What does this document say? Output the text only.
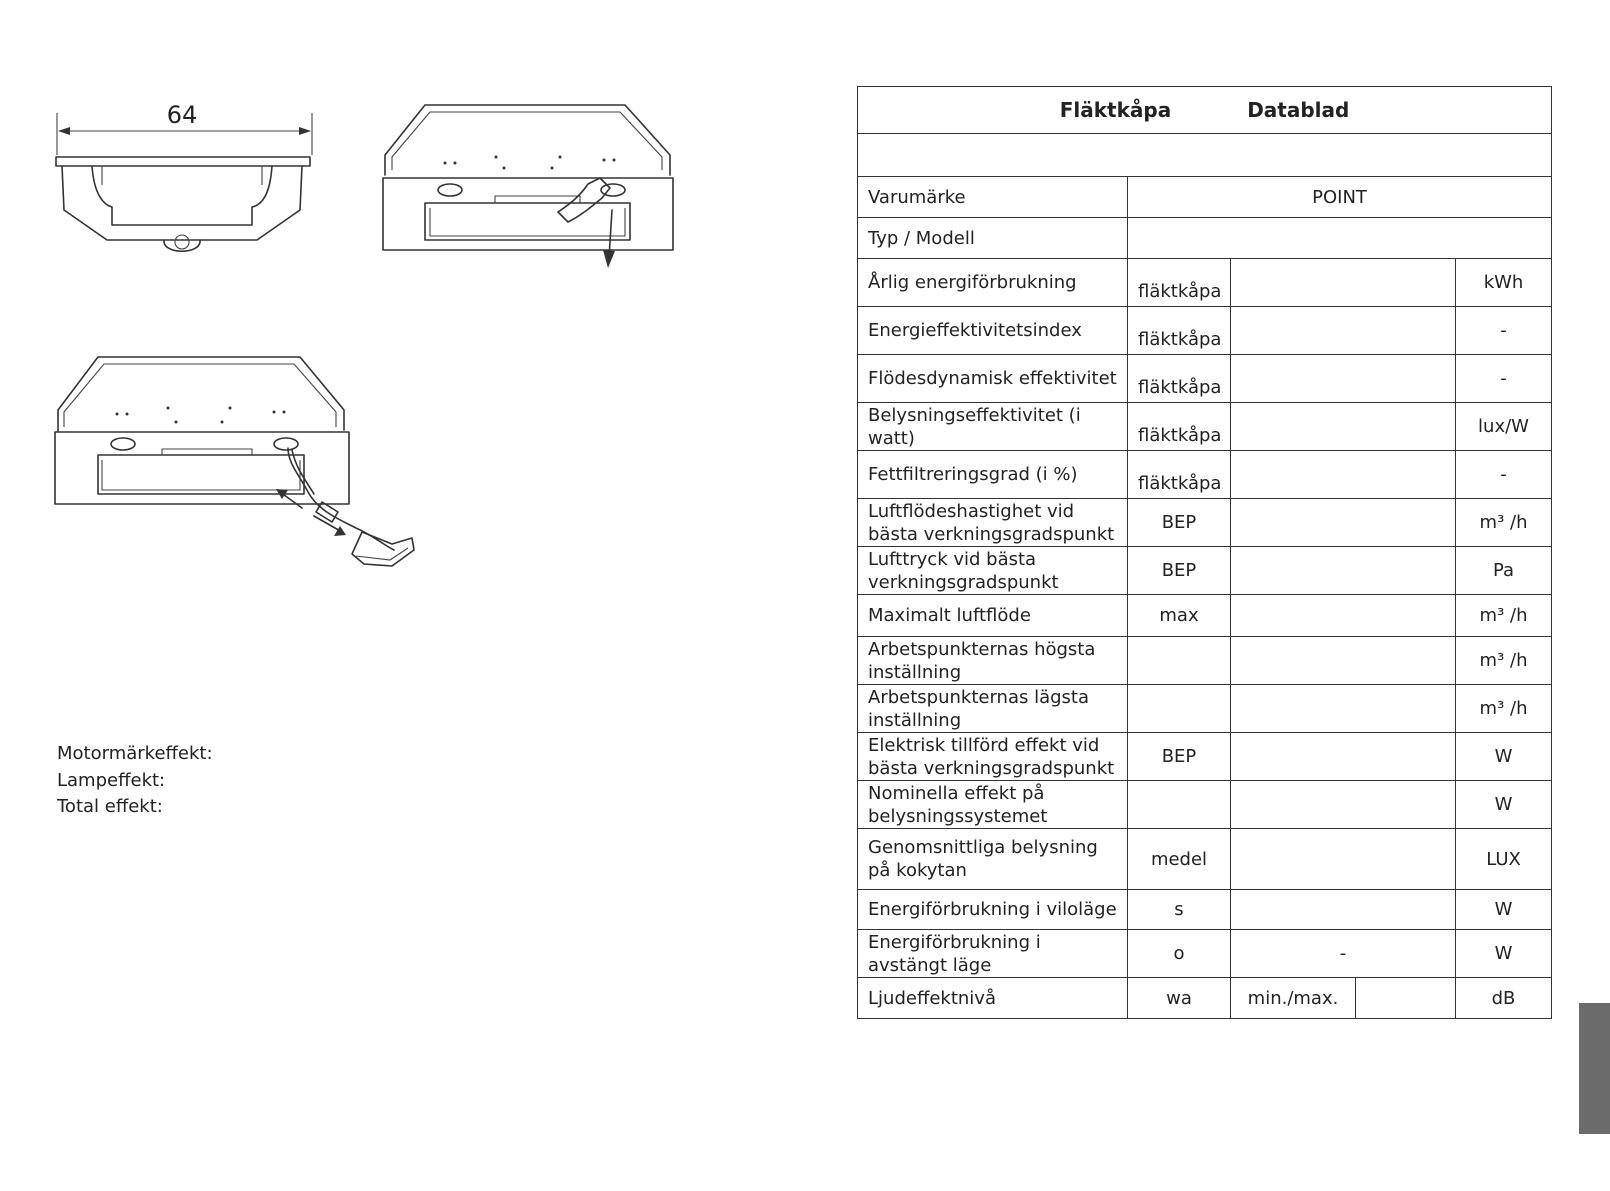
64
Motormärkeffekt:
Lampeffekt:
Total effekt:
Fläktkåpa Datablad				

Varumärke	POINT			
Typ / Modell				
Årlig energiförbrukning	fläktkåpa			kWh
Energieffektivitetsindex	fläktkåpa			-
Flödesdynamisk effektivitet	fläktkåpa			-
Belysningseffektivitet (i watt)	fläktkåpa			lux/W
Fettfiltreringsgrad (i %)	fläktkåpa			-
Luftflödeshastighet vid bästa verkningsgradspunkt	BEP			m³ /h
Lufttryck vid bästa verkningsgradspunkt	BEP			Pa
Maximalt luftflöde	max			m³ /h
Arbetspunkternas högsta inställning				m³ /h
Arbetspunkternas lägsta inställning				m³ /h
Elektrisk tillförd effekt vid bästa verkningsgradspunkt	BEP			W
Nominella effekt på belysningssystemet				W
Genomsnittliga belysning på kokytan	medel			LUX
Energiförbrukning i viloläge	s			W
Energiförbrukning i avstängt läge	o	-		W
Ljudeffektnivå	wa	min./max.		dB
